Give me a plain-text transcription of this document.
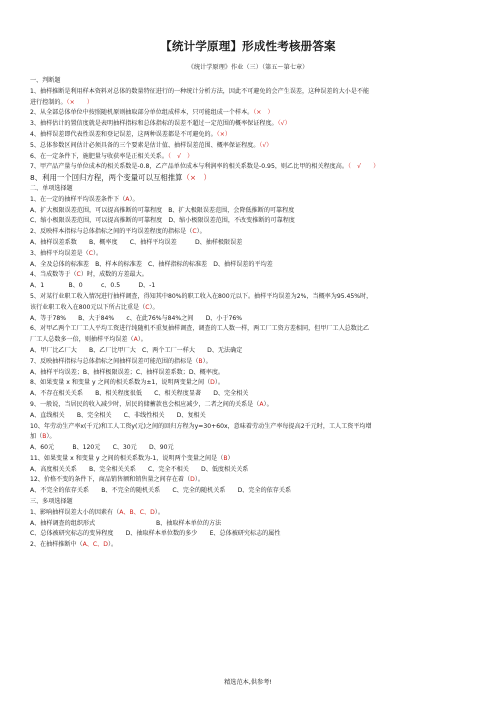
【统计学原理】形成性考核册答案
《统计学原理》作业（三）（第五～第七章）
一、判断题
1、抽样推断是利用样本资料对总体的数量特征进行的一种统计分析方法，因此不可避免的会产生误差，这种误差的大小是不能
进行控制的。（×　　）
2、从全部总体单位中按照随机原则抽取部分单位组成样本，只可能组成一个样本。（×　）
3、抽样估计的置信度就是表明抽样指标和总体指标的误差不超过一定范围的概率保证程度。（√）
4、抽样误差即代表性误差和登记误差，这两种误差都是不可避免的。（×）
5、总体参数区间估计必须具备的三个要素是估计值、抽样误差范围、概率保证程度。（√）
6、在一定条件下，施肥量与收获率是正相关关系。（　√　）
7、甲产品产量与单位成本的相关系数是-0.8，乙产品单位成本与利润率的相关系数是-0.95，则乙比甲的相关程度高。（　√　　）
8、利用一个回归方程，两个变量可以互相推算（×　）
二、单项选择题
1、在一定的抽样平均误差条件下（A）。
A、扩大极限误差范围，可以提高推断的可靠程度　B、扩大极限误差范围，会降低推断的可靠程度
C、缩小极限误差范围，可以提高推断的可靠程度　D、缩小极限误差范围，不改变推断的可靠程度
2、反映样本指标与总体指标之间的平均误差程度的指标是（C）。
A、抽样误差系数　　B、概率度　　C、抽样平均误差　　　D、抽样极限误差
3、抽样平均误差是（C）。
A、全及总体的标准差　B、样本的标准差　C、抽样指标的标准差　D、抽样误差的平均差
4、当成数等于（C）时，成数的方差最大。
A、1　　　　B、0　　　c、0.5　　　D、-1
5、对某行业职工收入情况进行抽样调查，得知其中80%的职工收入在800元以下。抽样平均误差为2%，当概率为95.45%时，
该行业职工收入在800元以下所占比重是（C）。
A、等于78%　　B、大于84%　　c、在此76%与84%之间　　D、小于76%
6、对甲乙两个工厂工人平均工资进行纯随机不重复抽样调查，调查的工人数一样，两工厂工资方差相同，但甲厂工人总数比乙
厂工人总数多一倍，则抽样平均误差（A）。
A、甲厂比乙厂大　　B、乙厂比甲厂大　C、两个工厂一样大　　D、无法确定
7、反映抽样指标与总体指标之间抽样误差可能范围的指标是（B）。
A、抽样平均误差；B、抽样极限误差；C、抽样误差系数；D、概率度。
8、如果变量 x 和变量 y 之间的相关系数为±1，说明两变量之间（D）。
A、不存在相关关系　　B、相关程度很低　　C、相关程度显著　　D、完全相关
9、一般说，当居民的收入减少时，居民的储蓄款也会相应减少，二者之间的关系是（A）。
A、直线相关　　B、完全相关　　C、非线性相关　　D、复相关
10、年劳动生产率x(千元)和工人工资y(元)之间的回归方程为y=30+60x，意味着劳动生产率每提高2千元时，工人工资平均增
加（B）。
A、60元　　　B、120元　　C、30元　　D、90元
11、如果变量 x 和变量 y 之间的相关系数为-1，说明两个变量之间是（B）
A、高度相关关系　　B、完全相关关系　　C、完全不相关　　D、低度相关关系
12、价格不变的条件下，商品销售额和销售量之间存在着（D）。
A、不完全的依存关系　　B、不完全的随机关系　　C、完全的随机关系　　D、完全的依存关系
三、多项选择题
1、影响抽样误差大小的因素有（A、B、C、D）。
A、抽样调查的组织形式　　　　　　　　　　B、抽取样本单位的方法
C、总体被研究标志的变异程度　　D、抽取样本单位数的多少　　E、总体被研究标志的属性
2、在抽样推断中（A、C、D）。
精选范本,供参考!
